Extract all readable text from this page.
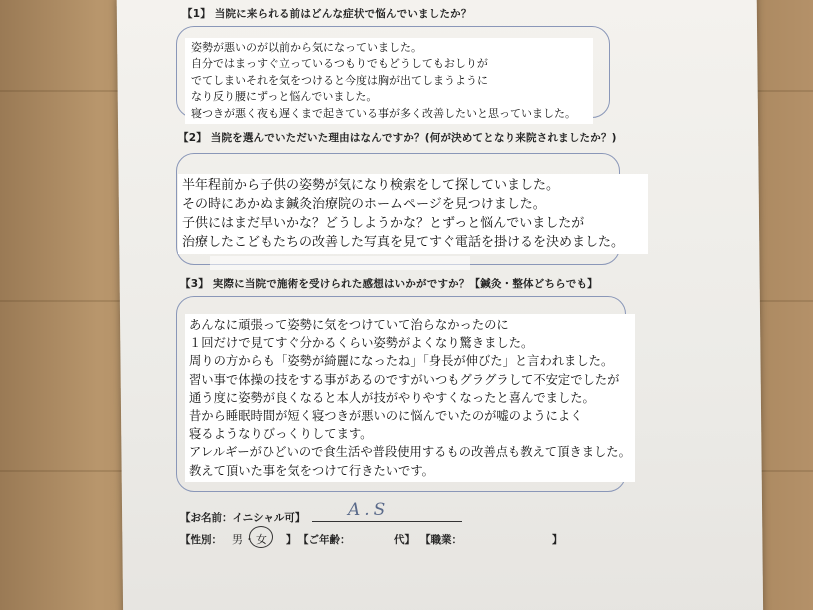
【1】 当院に来られる前はどんな症状で悩んでいましたか？
姿勢が悪いのが以前から気になっていました。
自分ではまっすぐ立っているつもりでもどうしてもおしりが
でてしまいそれを気をつけると今度は胸が出てしまうように
なり反り腰にずっと悩んでいました。
寝つきが悪く夜も遅くまで起きている事が多く改善したいと思っていました。
【2】 当院を選んでいただいた理由はなんですか？(何が決めてとなり来院されましたか？)
半年程前から子供の姿勢が気になり検索をして探していました。
その時にあかぬま鍼灸治療院のホームページを見つけました。
子供にはまだ早いかな？どうしようかな？とずっと悩んでいましたが
治療したこどもたちの改善した写真を見てすぐ電話を掛けるを決めました。
【3】 実際に当院で施術を受けられた感想はいかがですか？【鍼灸・整体どちらでも】
あんなに頑張って姿勢に気をつけていて治らなかったのに
１回だけで見てすぐ分かるくらい姿勢がよくなり驚きました。
周りの方からも「姿勢が綺麗になったね」「身長が伸びた」と言われました。
習い事で体操の技をする事があるのですがいつもグラグラして不安定でしたが
通う度に姿勢が良くなると本人が技がやりやすくなったと喜んでました。
昔から睡眠時間が短く寝つきが悪いのに悩んでいたのが嘘のようによく
寝るようなりびっくりしてます。
アレルギーがひどいので食生活や普段使用するもの改善点も教えて頂きました。
教えて頂いた事を気をつけて行きたいです。
【お名前：イニシャル可】	A.S
【性別： 男 ・ 女 】 【ご年齢：	代】 【職業：	】
